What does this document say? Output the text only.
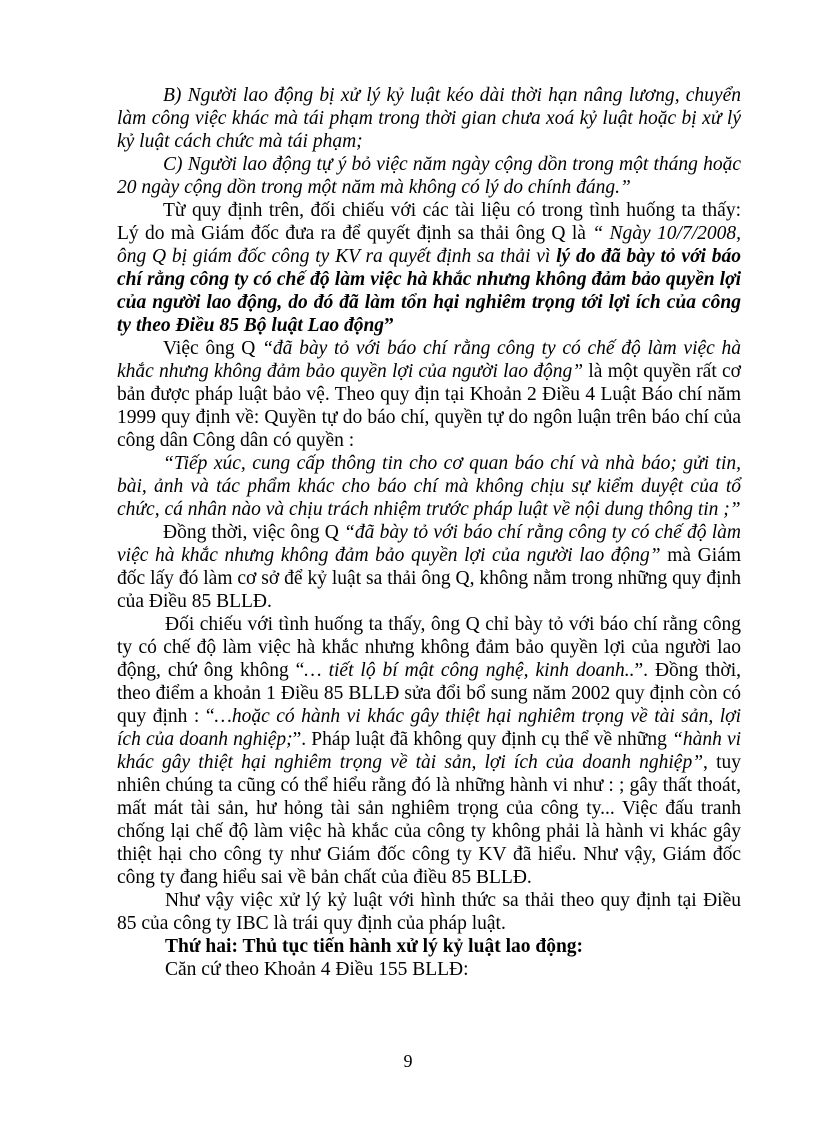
B) Người lao động bị xử lý kỷ luật kéo dài thời hạn nâng lương, chuyển làm công việc khác mà tái phạm trong thời gian chưa xoá kỷ luật hoặc bị xử lý kỷ luật cách chức mà tái phạm;

C) Người lao động tự ý bỏ việc năm ngày cộng dồn trong một tháng hoặc 20 ngày cộng dồn trong một năm mà không có lý do chính đáng.”

Từ quy định trên, đối chiếu với các tài liệu có trong tình huống ta thấy: Lý do mà Giám đốc đưa ra để quyết định sa thải ông Q là “ Ngày 10/7/2008, ông Q bị giám đốc công ty KV ra quyết định sa thải vì lý do đã bày tỏ với báo chí rằng công ty có chế độ làm việc hà khắc nhưng không đảm bảo quyền lợi của người lao động, do đó đã làm tổn hại nghiêm trọng tới lợi ích của công ty theo Điều 85 Bộ luật Lao động”

Việc ông Q “đã bày tỏ với báo chí rằng công ty có chế độ làm việc hà khắc nhưng không đảm bảo quyền lợi của người lao động” là một quyền rất cơ bản được pháp luật bảo vệ. Theo quy địn tại Khoản 2 Điều 4 Luật Báo chí năm 1999 quy định về: Quyền tự do báo chí, quyền tự do ngôn luận trên báo chí của công dân Công dân có quyền :

“Tiếp xúc, cung cấp thông tin cho cơ quan báo chí và nhà báo; gửi tin, bài, ảnh và tác phẩm khác cho báo chí mà không chịu sự kiểm duyệt của tổ chức, cá nhân nào và chịu trách nhiệm trước pháp luật về nội dung thông tin ;”

Đồng thời, việc ông Q “đã bày tỏ với báo chí rằng công ty có chế độ làm việc hà khắc nhưng không đảm bảo quyền lợi của người lao động” mà Giám đốc lấy đó làm cơ sở để kỷ luật sa thải ông Q, không nằm trong những quy định của Điều 85 BLLĐ.

Đối chiếu với tình huống ta thấy, ông Q chỉ bày tỏ với báo chí rằng công ty có chế độ làm việc hà khắc nhưng không đảm bảo quyền lợi của người lao động, chứ ông không “… tiết lộ bí mật công nghệ, kinh doanh..”. Đồng thời, theo điểm a khoản 1 Điều 85 BLLĐ sửa đổi bổ sung năm 2002 quy định còn có quy định : “…hoặc có hành vi khác gây thiệt hại nghiêm trọng về tài sản, lợi ích của doanh nghiệp;”. Pháp luật đã không quy định cụ thể về những “hành vi khác gây thiệt hại nghiêm trọng về tài sản, lợi ích của doanh nghiệp”, tuy nhiên chúng ta cũng có thể hiểu rằng đó là những hành vi như : ; gây thất thoát, mất mát tài sản, hư hỏng tài sản nghiêm trọng của công ty... Việc đấu tranh chống lại chế độ làm việc hà khắc của công ty không phải là hành vi khác gây thiệt hại cho công ty như Giám đốc công ty KV đã hiểu. Như vậy, Giám đốc công ty đang hiểu sai về bản chất của điều 85 BLLĐ.

Như vậy việc xử lý kỷ luật với hình thức sa thải theo quy định tại Điều 85 của công ty IBC là trái quy định của pháp luật.

Thứ hai: Thủ tục tiến hành xử lý kỷ luật lao động:

Căn cứ theo Khoản 4 Điều 155 BLLĐ:

9
